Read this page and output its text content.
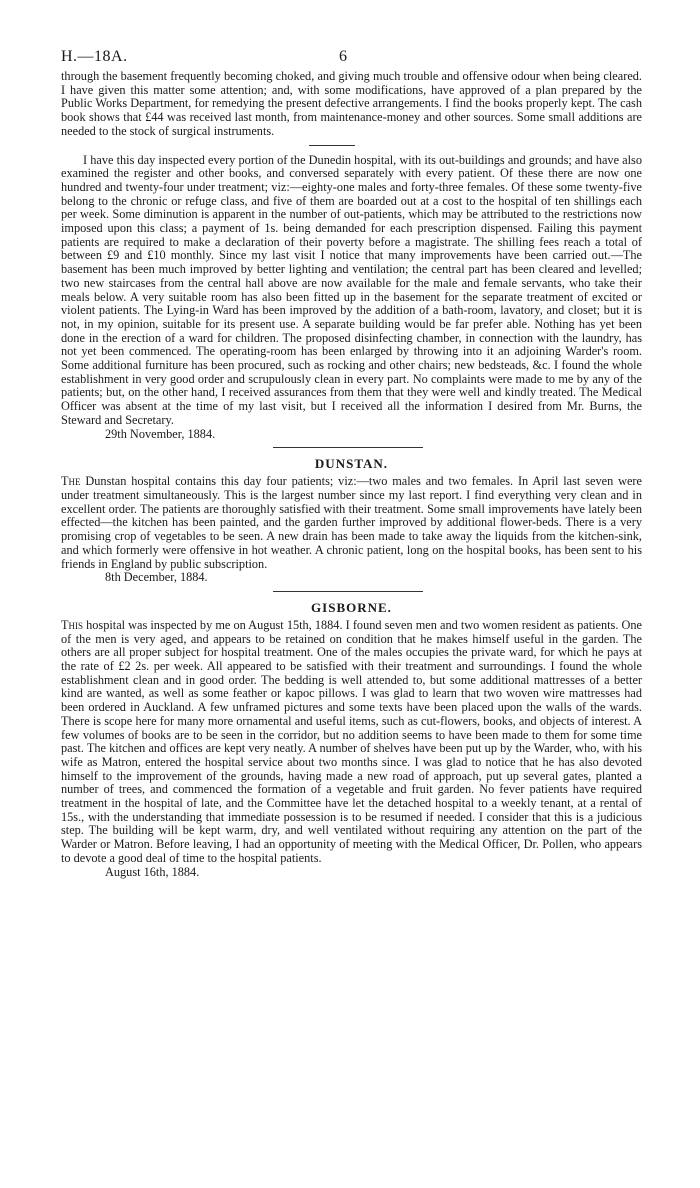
H.—18A.	6

through the basement frequently becoming choked, and giving much trouble and offensive odour when being cleared. I have given this matter some attention; and, with some modifications, have approved of a plan prepared by the Public Works Department, for remedying the present defective arrangements. I find the books properly kept. The cash book shows that £44 was received last month, from maintenance-money and other sources. Some small additions are needed to the stock of surgical instruments.

I have this day inspected every portion of the Dunedin hospital, with its out-buildings and grounds; and have also examined the register and other books, and conversed separately with every patient. Of these there are now one hundred and twenty-four under treatment; viz:—eighty-one males and forty-three females. Of these some twenty-five belong to the chronic or refuge class, and five of them are boarded out at a cost to the hospital of ten shillings each per week. Some diminution is apparent in the number of out-patients, which may be attributed to the restrictions now imposed upon this class; a payment of 1s. being demanded for each prescription dispensed. Failing this payment patients are required to make a declaration of their poverty before a magistrate. The shilling fees reach a total of between £9 and £10 monthly. Since my last visit I notice that many improvements have been carried out.—The basement has been much improved by better lighting and ventilation; the central part has been cleared and levelled; two new staircases from the central hall above are now available for the male and female servants, who take their meals below. A very suitable room has also been fitted up in the basement for the separate treatment of excited or violent patients. The Lying-in Ward has been improved by the addition of a bath-room, lavatory, and closet; but it is not, in my opinion, suitable for its present use. A separate building would be far prefer able. Nothing has yet been done in the erection of a ward for children. The proposed disinfecting chamber, in connection with the laundry, has not yet been commenced. The operating-room has been enlarged by throwing into it an adjoining Warder's room. Some additional furniture has been procured, such as rocking and other chairs; new bedsteads, &c. I found the whole establishment in very good order and scrupulously clean in every part. No complaints were made to me by any of the patients; but, on the other hand, I received assurances from them that they were well and kindly treated. The Medical Officer was absent at the time of my last visit, but I received all the information I desired from Mr. Burns, the Steward and Secretary.

29th November, 1884.

DUNSTAN.

The Dunstan hospital contains this day four patients; viz:—two males and two females. In April last seven were under treatment simultaneously. This is the largest number since my last report. I find everything very clean and in excellent order. The patients are thoroughly satisfied with their treatment. Some small improvements have lately been effected—the kitchen has been painted, and the garden further improved by additional flower-beds. There is a very promising crop of vegetables to be seen. A new drain has been made to take away the liquids from the kitchen-sink, and which formerly were offensive in hot weather. A chronic patient, long on the hospital books, has been sent to his friends in England by public subscription.

8th December, 1884.

GISBORNE.

This hospital was inspected by me on August 15th, 1884. I found seven men and two women resident as patients. One of the men is very aged, and appears to be retained on condition that he makes himself useful in the garden. The others are all proper subject for hospital treatment. One of the males occupies the private ward, for which he pays at the rate of £2 2s. per week. All appeared to be satisfied with their treatment and surroundings. I found the whole establishment clean and in good order. The bedding is well attended to, but some additional mattresses of a better kind are wanted, as well as some feather or kapoc pillows. I was glad to learn that two woven wire mattresses had been ordered in Auckland. A few unframed pictures and some texts have been placed upon the walls of the wards. There is scope here for many more ornamental and useful items, such as cut-flowers, books, and objects of interest. A few volumes of books are to be seen in the corridor, but no addition seems to have been made to them for some time past. The kitchen and offices are kept very neatly. A number of shelves have been put up by the Warder, who, with his wife as Matron, entered the hospital service about two months since. I was glad to notice that he has also devoted himself to the improvement of the grounds, having made a new road of approach, put up several gates, planted a number of trees, and commenced the formation of a vegetable and fruit garden. No fever patients have required treatment in the hospital of late, and the Committee have let the detached hospital to a weekly tenant, at a rental of 15s., with the understanding that immediate possession is to be resumed if needed. I consider that this is a judicious step. The building will be kept warm, dry, and well ventilated without requiring any attention on the part of the Warder or Matron. Before leaving, I had an opportunity of meeting with the Medical Officer, Dr. Pollen, who appears to devote a good deal of time to the hospital patients.

August 16th, 1884.
